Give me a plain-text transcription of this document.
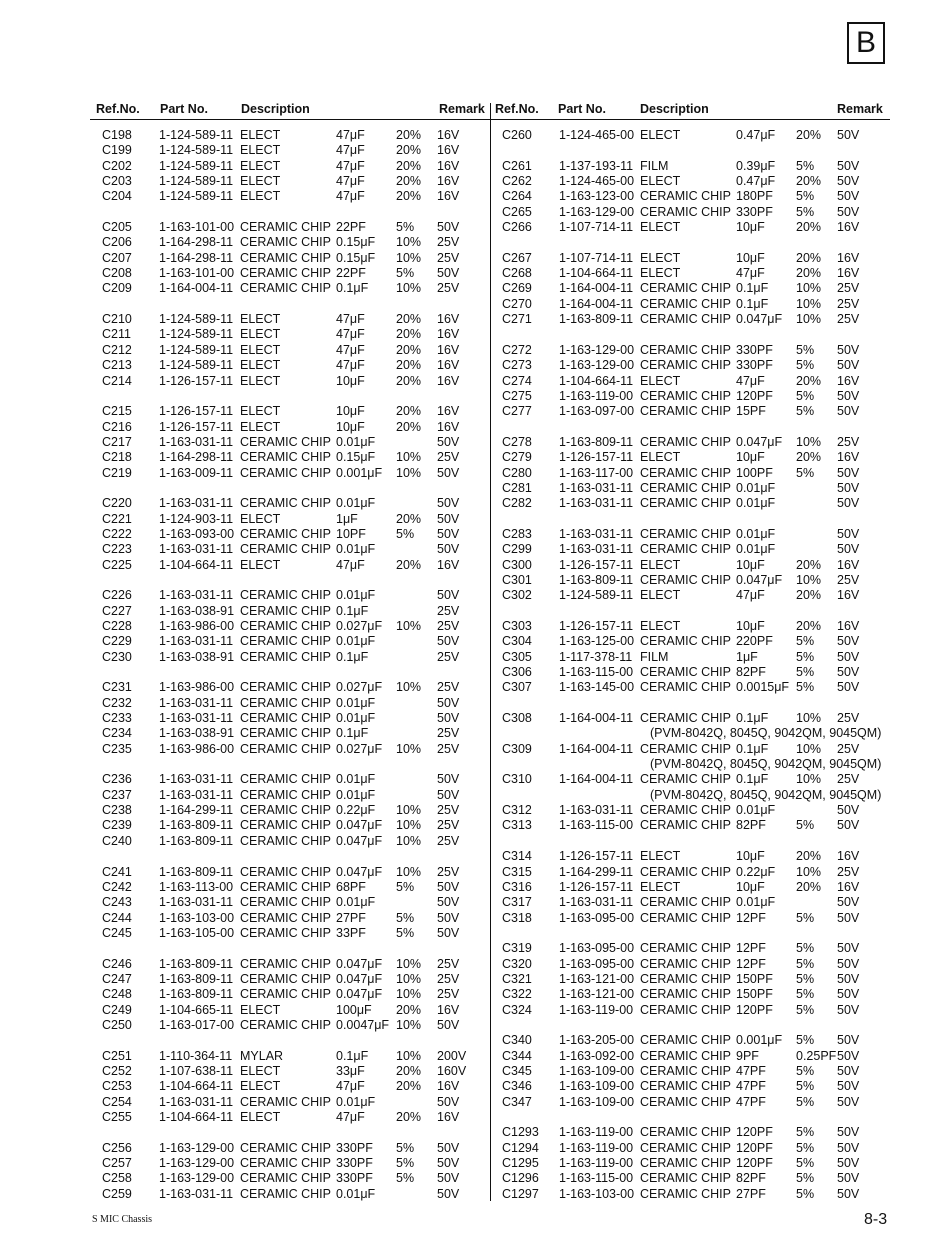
B
Ref.No. Part No.	Description	Remark Ref.No. Part No.	Description	Remark
C198 1-124-589-11 ELECT	47μF	20% 16V
C199 1-124-589-11 ELECT	47μF	20% 16V
C202 1-124-589-11 ELECT	47μF	20% 16V
C203 1-124-589-11 ELECT	47μF	20% 16V
C204 1-124-589-11 ELECT	47μF	20% 16V
C205 1-163-101-00 CERAMIC CHIP 22PF 5% 50V
C206 1-164-298-11 CERAMIC CHIP 0.15μF 10% 25V
C207 1-164-298-11 CERAMIC CHIP 0.15μF 10% 25V
C208 1-163-101-00 CERAMIC CHIP 22PF 5% 50V
C209 1-164-004-11 CERAMIC CHIP 0.1μF 10% 25V
C210 1-124-589-11 ELECT	47μF	20% 16V
C211 1-124-589-11 ELECT	47μF	20% 16V
C212 1-124-589-11 ELECT	47μF	20% 16V
C213 1-124-589-11 ELECT	47μF	20% 16V
C214 1-126-157-11 ELECT	10μF	20% 16V
C215 1-126-157-11 ELECT	10μF	20% 16V
C216 1-126-157-11 ELECT	10μF	20% 16V
C217 1-163-031-11 CERAMIC CHIP 0.01μF	50V
C218 1-164-298-11 CERAMIC CHIP 0.15μF 10% 25V
C219 1-163-009-11 CERAMIC CHIP 0.001μF 10% 50V
C220 1-163-031-11 CERAMIC CHIP 0.01μF	50V
C221 1-124-903-11 ELECT	1μF	20% 50V
C222 1-163-093-00 CERAMIC CHIP 10PF 5% 50V
C223 1-163-031-11 CERAMIC CHIP 0.01μF	50V
C225 1-104-664-11 ELECT	47μF	20% 16V
C226 1-163-031-11 CERAMIC CHIP 0.01μF	50V
C227 1-163-038-91 CERAMIC CHIP 0.1μF	25V
C228 1-163-986-00 CERAMIC CHIP 0.027μF 10% 25V
C229 1-163-031-11 CERAMIC CHIP 0.01μF	50V
C230 1-163-038-91 CERAMIC CHIP 0.1μF	25V
C231 1-163-986-00 CERAMIC CHIP 0.027μF 10% 25V
C232 1-163-031-11 CERAMIC CHIP 0.01μF	50V
C233 1-163-031-11 CERAMIC CHIP 0.01μF	50V
C234 1-163-038-91 CERAMIC CHIP 0.1μF	25V
C235 1-163-986-00 CERAMIC CHIP 0.027μF 10% 25V
C236 1-163-031-11 CERAMIC CHIP 0.01μF	50V
C237 1-163-031-11 CERAMIC CHIP 0.01μF	50V
C238 1-164-299-11 CERAMIC CHIP 0.22μF 10% 25V
C239 1-163-809-11 CERAMIC CHIP 0.047μF 10% 25V
C240 1-163-809-11 CERAMIC CHIP 0.047μF 10% 25V
C241 1-163-809-11 CERAMIC CHIP 0.047μF 10% 25V
C242 1-163-113-00 CERAMIC CHIP 68PF 5% 50V
C243 1-163-031-11 CERAMIC CHIP 0.01μF	50V
C244 1-163-103-00 CERAMIC CHIP 27PF 5% 50V
C245 1-163-105-00 CERAMIC CHIP 33PF 5% 50V
C246 1-163-809-11 CERAMIC CHIP 0.047μF 10% 25V
C247 1-163-809-11 CERAMIC CHIP 0.047μF 10% 25V
C248 1-163-809-11 CERAMIC CHIP 0.047μF 10% 25V
C249 1-104-665-11 ELECT	100μF 20% 16V
C250 1-163-017-00 CERAMIC CHIP 0.0047μF 10% 50V
C251 1-110-364-11 MYLAR	0.1μF 10% 200V
C252 1-107-638-11 ELECT	33μF	20% 160V
C253 1-104-664-11 ELECT	47μF	20% 16V
C254 1-163-031-11 CERAMIC CHIP 0.01μF	50V
C255 1-104-664-11 ELECT	47μF	20% 16V
C256 1-163-129-00 CERAMIC CHIP 330PF 5% 50V
C257 1-163-129-00 CERAMIC CHIP 330PF 5% 50V
C258 1-163-129-00 CERAMIC CHIP 330PF 5% 50V
C259 1-163-031-11 CERAMIC CHIP 0.01μF	50V
C260 1-124-465-00 ELECT	0.47μF 20% 50V
C261 1-137-193-11 FILM	0.39μF 5% 50V
C262 1-124-465-00 ELECT	0.47μF 20% 50V
C264 1-163-123-00 CERAMIC CHIP 180PF 5% 50V
C265 1-163-129-00 CERAMIC CHIP 330PF 5% 50V
C266 1-107-714-11 ELECT	10μF	20% 16V
C267 1-107-714-11 ELECT	10μF	20% 16V
C268 1-104-664-11 ELECT	47μF	20% 16V
C269 1-164-004-11 CERAMIC CHIP 0.1μF 10% 25V
C270 1-164-004-11 CERAMIC CHIP 0.1μF 10% 25V
C271 1-163-809-11 CERAMIC CHIP 0.047μF 10% 25V
C272 1-163-129-00 CERAMIC CHIP 330PF 5% 50V
C273 1-163-129-00 CERAMIC CHIP 330PF 5% 50V
C274 1-104-664-11 ELECT	47μF	20% 16V
C275 1-163-119-00 CERAMIC CHIP 120PF 5% 50V
C277 1-163-097-00 CERAMIC CHIP 15PF 5% 50V
C278 1-163-809-11 CERAMIC CHIP 0.047μF 10% 25V
C279 1-126-157-11 ELECT	10μF	20% 16V
C280 1-163-117-00 CERAMIC CHIP 100PF 5% 50V
C281 1-163-031-11 CERAMIC CHIP 0.01μF	50V
C282 1-163-031-11 CERAMIC CHIP 0.01μF	50V
C283 1-163-031-11 CERAMIC CHIP 0.01μF	50V
C299 1-163-031-11 CERAMIC CHIP 0.01μF	50V
C300 1-126-157-11 ELECT	10μF	20% 16V
C301 1-163-809-11 CERAMIC CHIP 0.047μF 10% 25V
C302 1-124-589-11 ELECT	47μF	20% 16V
C303 1-126-157-11 ELECT	10μF	20% 16V
C304 1-163-125-00 CERAMIC CHIP 220PF 5% 50V
C305 1-117-378-11 FILM	1μF	5% 50V
C306 1-163-115-00 CERAMIC CHIP 82PF 5% 50V
C307 1-163-145-00 CERAMIC CHIP 0.0015μF 5% 50V
C308 1-164-004-11 CERAMIC CHIP 0.1μF 10% 25V
(PVM-8042Q, 8045Q, 9042QM, 9045QM)
C309 1-164-004-11 CERAMIC CHIP 0.1μF 10% 25V
(PVM-8042Q, 8045Q, 9042QM, 9045QM)
C310 1-164-004-11 CERAMIC CHIP 0.1μF 10% 25V
(PVM-8042Q, 8045Q, 9042QM, 9045QM)
C312 1-163-031-11 CERAMIC CHIP 0.01μF	50V
C313 1-163-115-00 CERAMIC CHIP 82PF 5% 50V
C314 1-126-157-11 ELECT	10μF	20% 16V
C315 1-164-299-11 CERAMIC CHIP 0.22μF 10% 25V
C316 1-126-157-11 ELECT	10μF	20% 16V
C317 1-163-031-11 CERAMIC CHIP 0.01μF	50V
C318 1-163-095-00 CERAMIC CHIP 12PF 5% 50V
C319 1-163-095-00 CERAMIC CHIP 12PF 5% 50V
C320 1-163-095-00 CERAMIC CHIP 12PF 5% 50V
C321 1-163-121-00 CERAMIC CHIP 150PF 5% 50V
C322 1-163-121-00 CERAMIC CHIP 150PF 5% 50V
C324 1-163-119-00 CERAMIC CHIP 120PF 5% 50V
C340 1-163-205-00 CERAMIC CHIP 0.001μF 5% 50V
C344 1-163-092-00 CERAMIC CHIP 9PF	0.25PF 50V
C345 1-163-109-00 CERAMIC CHIP 47PF 5% 50V
C346 1-163-109-00 CERAMIC CHIP 47PF 5% 50V
C347 1-163-109-00 CERAMIC CHIP 47PF 5% 50V
C1293 1-163-119-00 CERAMIC CHIP 120PF 5% 50V
C1294 1-163-119-00 CERAMIC CHIP 120PF 5% 50V
C1295 1-163-119-00 CERAMIC CHIP 120PF 5% 50V
C1296 1-163-115-00 CERAMIC CHIP 82PF 5% 50V
C1297 1-163-103-00 CERAMIC CHIP 27PF 5% 50V
S MIC Chassis	8-3
